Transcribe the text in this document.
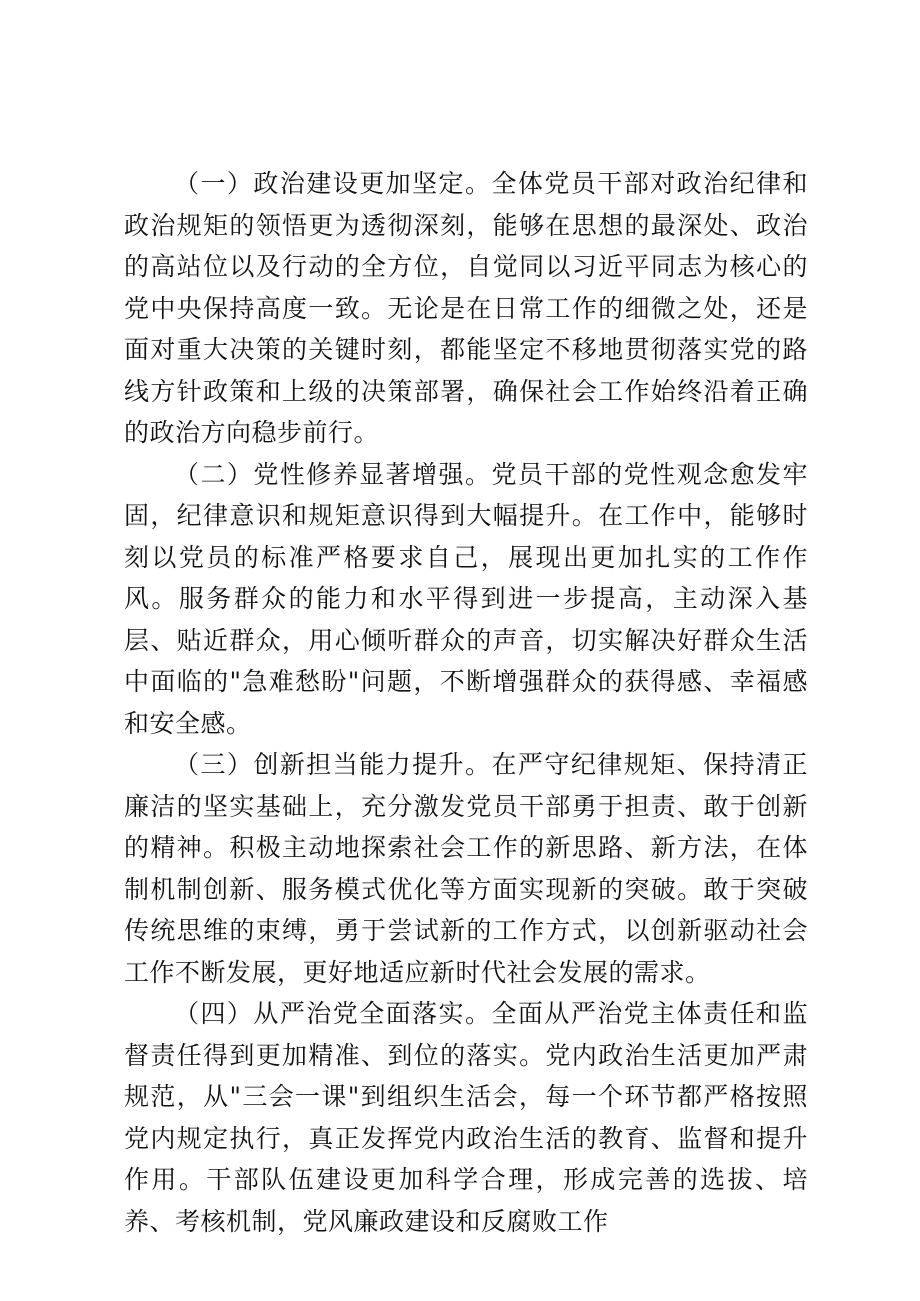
（一）政治建设更加坚定。全体党员干部对政治纪律和政治规矩的领悟更为透彻深刻，能够在思想的最深处、政治的高站位以及行动的全方位，自觉同以习近平同志为核心的党中央保持高度一致。无论是在日常工作的细微之处，还是面对重大决策的关键时刻，都能坚定不移地贯彻落实党的路线方针政策和上级的决策部署，确保社会工作始终沿着正确的政治方向稳步前行。

（二）党性修养显著增强。党员干部的党性观念愈发牢固，纪律意识和规矩意识得到大幅提升。在工作中，能够时刻以党员的标准严格要求自己，展现出更加扎实的工作作风。服务群众的能力和水平得到进一步提高，主动深入基层、贴近群众，用心倾听群众的声音，切实解决好群众生活中面临的"急难愁盼"问题，不断增强群众的获得感、幸福感和安全感。

（三）创新担当能力提升。在严守纪律规矩、保持清正廉洁的坚实基础上，充分激发党员干部勇于担责、敢于创新的精神。积极主动地探索社会工作的新思路、新方法，在体制机制创新、服务模式优化等方面实现新的突破。敢于突破传统思维的束缚，勇于尝试新的工作方式，以创新驱动社会工作不断发展，更好地适应新时代社会发展的需求。

（四）从严治党全面落实。全面从严治党主体责任和监督责任得到更加精准、到位的落实。党内政治生活更加严肃规范，从"三会一课"到组织生活会，每一个环节都严格按照党内规定执行，真正发挥党内政治生活的教育、监督和提升作用。干部队伍建设更加科学合理，形成完善的选拔、培养、考核机制，党风廉政建设和反腐败工作
